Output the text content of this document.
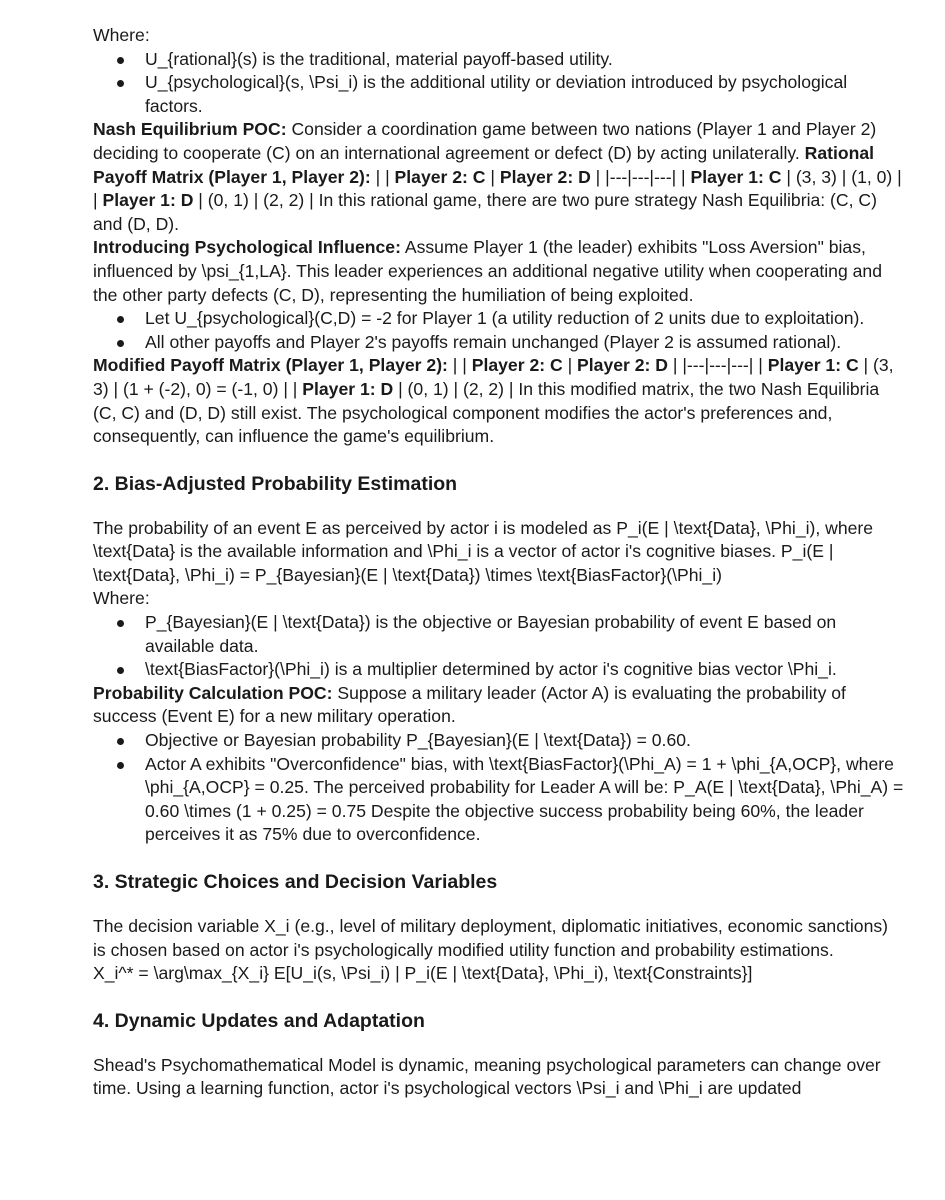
Where:

U_{rational}(s) is the traditional, material payoff-based utility.
U_{psychological}(s, \Psi_i) is the additional utility or deviation introduced by psychological factors.

Nash Equilibrium POC: Consider a coordination game between two nations (Player 1 and Player 2) deciding to cooperate (C) on an international agreement or defect (D) by acting unilaterally. Rational Payoff Matrix (Player 1, Player 2): | | Player 2: C | Player 2: D | |---|---|---| | Player 1: C | (3, 3) | (1, 0) | | Player 1: D | (0, 1) | (2, 2) | In this rational game, there are two pure strategy Nash Equilibria: (C, C) and (D, D).

Introducing Psychological Influence: Assume Player 1 (the leader) exhibits "Loss Aversion" bias, influenced by \psi_{1,LA}. This leader experiences an additional negative utility when cooperating and the other party defects (C, D), representing the humiliation of being exploited.

Let U_{psychological}(C,D) = -2 for Player 1 (a utility reduction of 2 units due to exploitation).
All other payoffs and Player 2's payoffs remain unchanged (Player 2 is assumed rational).

Modified Payoff Matrix (Player 1, Player 2): | | Player 2: C | Player 2: D | |---|---|---| | Player 1: C | (3, 3) | (1 + (-2), 0) = (-1, 0) | | Player 1: D | (0, 1) | (2, 2) | In this modified matrix, the two Nash Equilibria (C, C) and (D, D) still exist. The psychological component modifies the actor's preferences and, consequently, can influence the game's equilibrium.

2. Bias-Adjusted Probability Estimation

The probability of an event E as perceived by actor i is modeled as P_i(E | \text{Data}, \Phi_i), where \text{Data} is the available information and \Phi_i is a vector of actor i's cognitive biases. P_i(E | \text{Data}, \Phi_i) = P_{Bayesian}(E | \text{Data}) \times \text{BiasFactor}(\Phi_i)

Where:

P_{Bayesian}(E | \text{Data}) is the objective or Bayesian probability of event E based on available data.
\text{BiasFactor}(\Phi_i) is a multiplier determined by actor i's cognitive bias vector \Phi_i.

Probability Calculation POC: Suppose a military leader (Actor A) is evaluating the probability of success (Event E) for a new military operation.

Objective or Bayesian probability P_{Bayesian}(E | \text{Data}) = 0.60.
Actor A exhibits "Overconfidence" bias, with \text{BiasFactor}(\Phi_A) = 1 + \phi_{A,OCP}, where \phi_{A,OCP} = 0.25. The perceived probability for Leader A will be: P_A(E | \text{Data}, \Phi_A) = 0.60 \times (1 + 0.25) = 0.75 Despite the objective success probability being 60%, the leader perceives it as 75% due to overconfidence.
3. Strategic Choices and Decision Variables

The decision variable X_i (e.g., level of military deployment, diplomatic initiatives, economic sanctions) is chosen based on actor i's psychologically modified utility function and probability estimations.

X_i^* = \arg\max_{X_i} E[U_i(s, \Psi_i) | P_i(E | \text{Data}, \Phi_i), \text{Constraints}]

4. Dynamic Updates and Adaptation

Shead's Psychomathematical Model is dynamic, meaning psychological parameters can change over time. Using a learning function, actor i's psychological vectors \Psi_i and \Phi_i are updated
